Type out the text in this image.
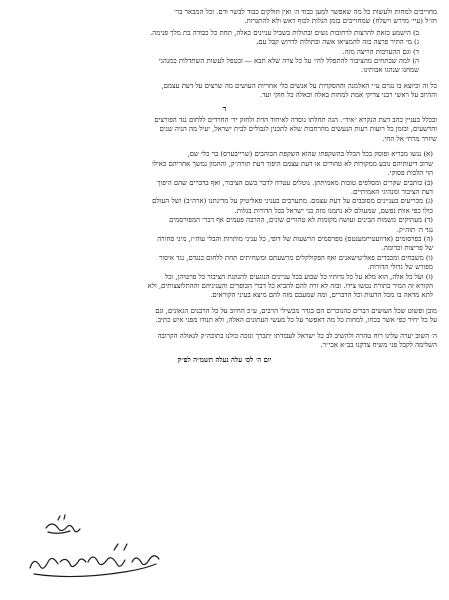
מחוייבים למחות ולעשות כל מה שאפשר למען כבוד ה׳ ואין חולקים כבוד לבשר ודם. וכל המבאר בר׳

חז״ל (עיי׳ מדרש וישלח) שמחוייבים בזמן הגלות לכוף ראש ולא להתגרות.

ב) הישמע כזאת להרצות לרחובות נשים ובתולות בשביל עניינים כאלה, תחת כל כבודה בת מלך פנימה.

ג) מי התיר פרצה כזה להמציאו אשה ובתולות לדרוש קבל עם.

ד) וגם ההערבות הריצה מזה.

ה) למה שכתחים מהציבור להתפלל להי׳ על כל צרה שלא תבא — ובטפל לעשות השתדלות כמנהגי

שמחנו שנהגו אבותינו.

כל זה וכיוצא בו נגרם ע״י האלמנה וההסקרות על אנשים כלי אחריות העושים מה שרצים על דעת עצמם,

וההיוב על ראשי רבני צדיקי אמת למחות באלה וכאלה כל חוקי ועד.

ד

ובכלל בעניין כהב דעת הנקרא ״איד״. הנה תחלתו נוסדה לאיחוד הדת ולחזק יד׳ החרדים ללחום נגד הפורצים

והרשעים, ובזמן כל רועות רעות הנעשים מהרחבות שלא לתכנין לגבולים לבית ישראל, יעיל מה הניה שנים

שיזרר מרחי אל החי.

(א) נגשו מבריא ופוסק בכל הכלל בהשקפתו שהוא השקפת הכוהבים (שרייבערס) בר כלי שם,

שרוב דיעותיהם נובע ממקורות לא טהורים או דעת עצמם היפוך דעת תורה״ק, וההמון נמשך אחריהם כאילו

הוי הלכות פסוקי.

(ב) כותבים שקרים ומסלפים טובות מאמיתתן. נוטלים עטרה לדבר בשם הציבור, ואף בדברים שהם היפוך

דעת הציבור ומנהיגי האמיתיים.

(ג) מכריעים בעניינים מסובבים על דעת עצמם. מתערבים בעניני פאליטיק על מדינתנו (ארה״ב) ושל העולם

כולו כפי אוות נפשם, שמעולם לא נתמנו מזה כני ישראל בכל הדורות בגלות.

(ד) מעתיקים משמות הבינים ועושה מקומות לא טהורים שונים, ההרבה פעמים אף דברי המפורסמים

נגד ה׳ תוה״ק.

(ה) בפרסומים (אדוועטייזמענטס) מפרסמים הרשעות של דופי, כל עניני מותרות והבלי עוה״ז, מיני סחורה

של פריצות וכדומה.

(ו) משבחים ומכבדים פאליטישאנים ואף הפקולקלים מרשעתם ומשחיתים תחת ללחום כנגדם, נגד איסור

מפורש של גדולי הדורות.

(ז) ועל כל אלה, הוא מלא על כל גדותיו כל שבוע בכל עניינים הנוגעים להנהגת הציבור כל פרטיהן, וכל

הקורא זה המיר בתורת נטשו צידו. ובזה לא זרה להם להביא כל דברי הכופרים והעניניהם וההתלוצצותים, ולא

לתא מדאה בו מכל הדעות וכל הדברים, ומה שמעבם מזה להם מיצא בעיני הקוראים.

מובן ופשוט שכל העושים דברים כהנוכרים הם בגדר מכשילי הרבים, ע״כ החיוב על כל הרבנים הגאונים, וגם

על כל יחיד כפי אשר בכחו, למחות כל מה דאפשר על כל מעשי העתונים האלה, ולא תנודו מפני איש כתיב.

ה׳ השוב יערה עלינו רוח טהרה ולהשיב לב כל ישראל לעבודתו יתברך ונזכה כולנו בתוכה״ק לגאולה הקרובה

השלימה לקבל פני משיח צדקנו בב״א אכי״ר.

יום ה׳ לס׳ עלה נעלה תשמ״ה לפ״ק
